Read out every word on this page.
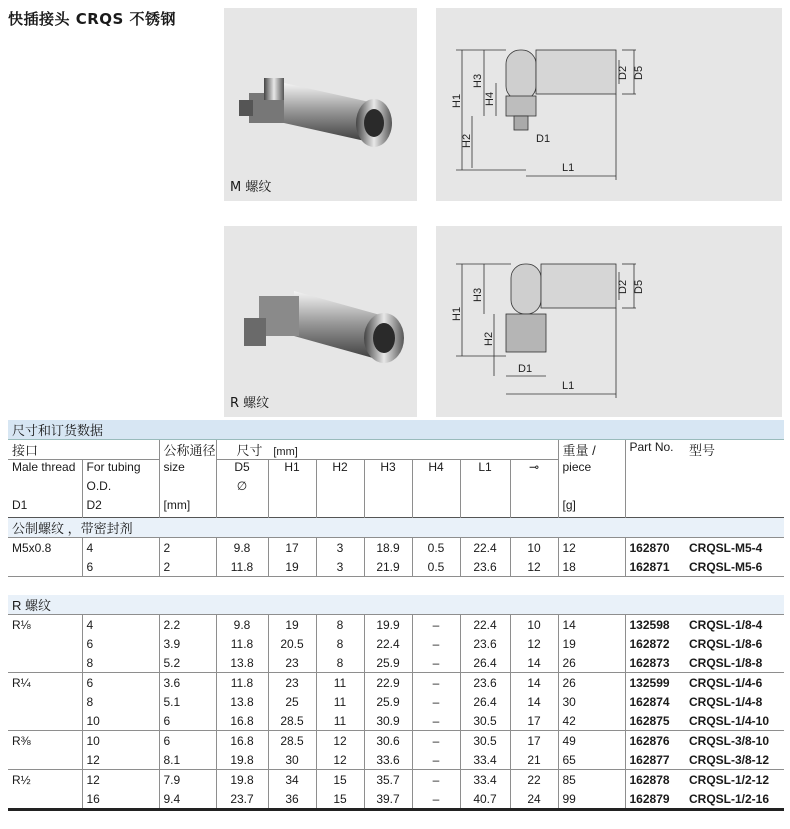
快插接头 CRQS 不锈钢
M 螺纹
H1
H3
H4
H2	D1
L1
D2 D5
R 螺纹
H1
H3
H2
D1
L1
D2 D5
尺寸和订货数据												
接口		公称通径	尺寸 [mm]							重量 /	Part No.	型号
Male thread	For tubing	size	D5	H1	H2	H3	H4	L1	⊸	piece		
	O.D.		∅									
D1	D2	[mm]								[g]		
公制螺纹 ，带密封剂												
M5x0.8	4	2	9.8	17	3	18.9	0.5	22.4	10	12	162870	CRQSL-M5-4
	6	2	11.8	19	3	21.9	0.5	23.6	12	18	162871	CRQSL-M5-6

R 螺纹												
R⅛	4	2.2	9.8	19	8	19.9	–	22.4	10	14	132598	CRQSL-1/8-4
	6	3.9	11.8	20.5	8	22.4	–	23.6	12	19	162872	CRQSL-1/8-6
	8	5.2	13.8	23	8	25.9	–	26.4	14	26	162873	CRQSL-1/8-8
R¼	6	3.6	11.8	23	11	22.9	–	23.6	14	26	132599	CRQSL-1/4-6
	8	5.1	13.8	25	11	25.9	–	26.4	14	30	162874	CRQSL-1/4-8
	10	6	16.8	28.5	11	30.9	–	30.5	17	42	162875	CRQSL-1/4-10
R⅜	10	6	16.8	28.5	12	30.6	–	30.5	17	49	162876	CRQSL-3/8-10
	12	8.1	19.8	30	12	33.6	–	33.4	21	65	162877	CRQSL-3/8-12
R½	12	7.9	19.8	34	15	35.7	–	33.4	22	85	162878	CRQSL-1/2-12
	16	9.4	23.7	36	15	39.7	–	40.7	24	99	162879	CRQSL-1/2-16
